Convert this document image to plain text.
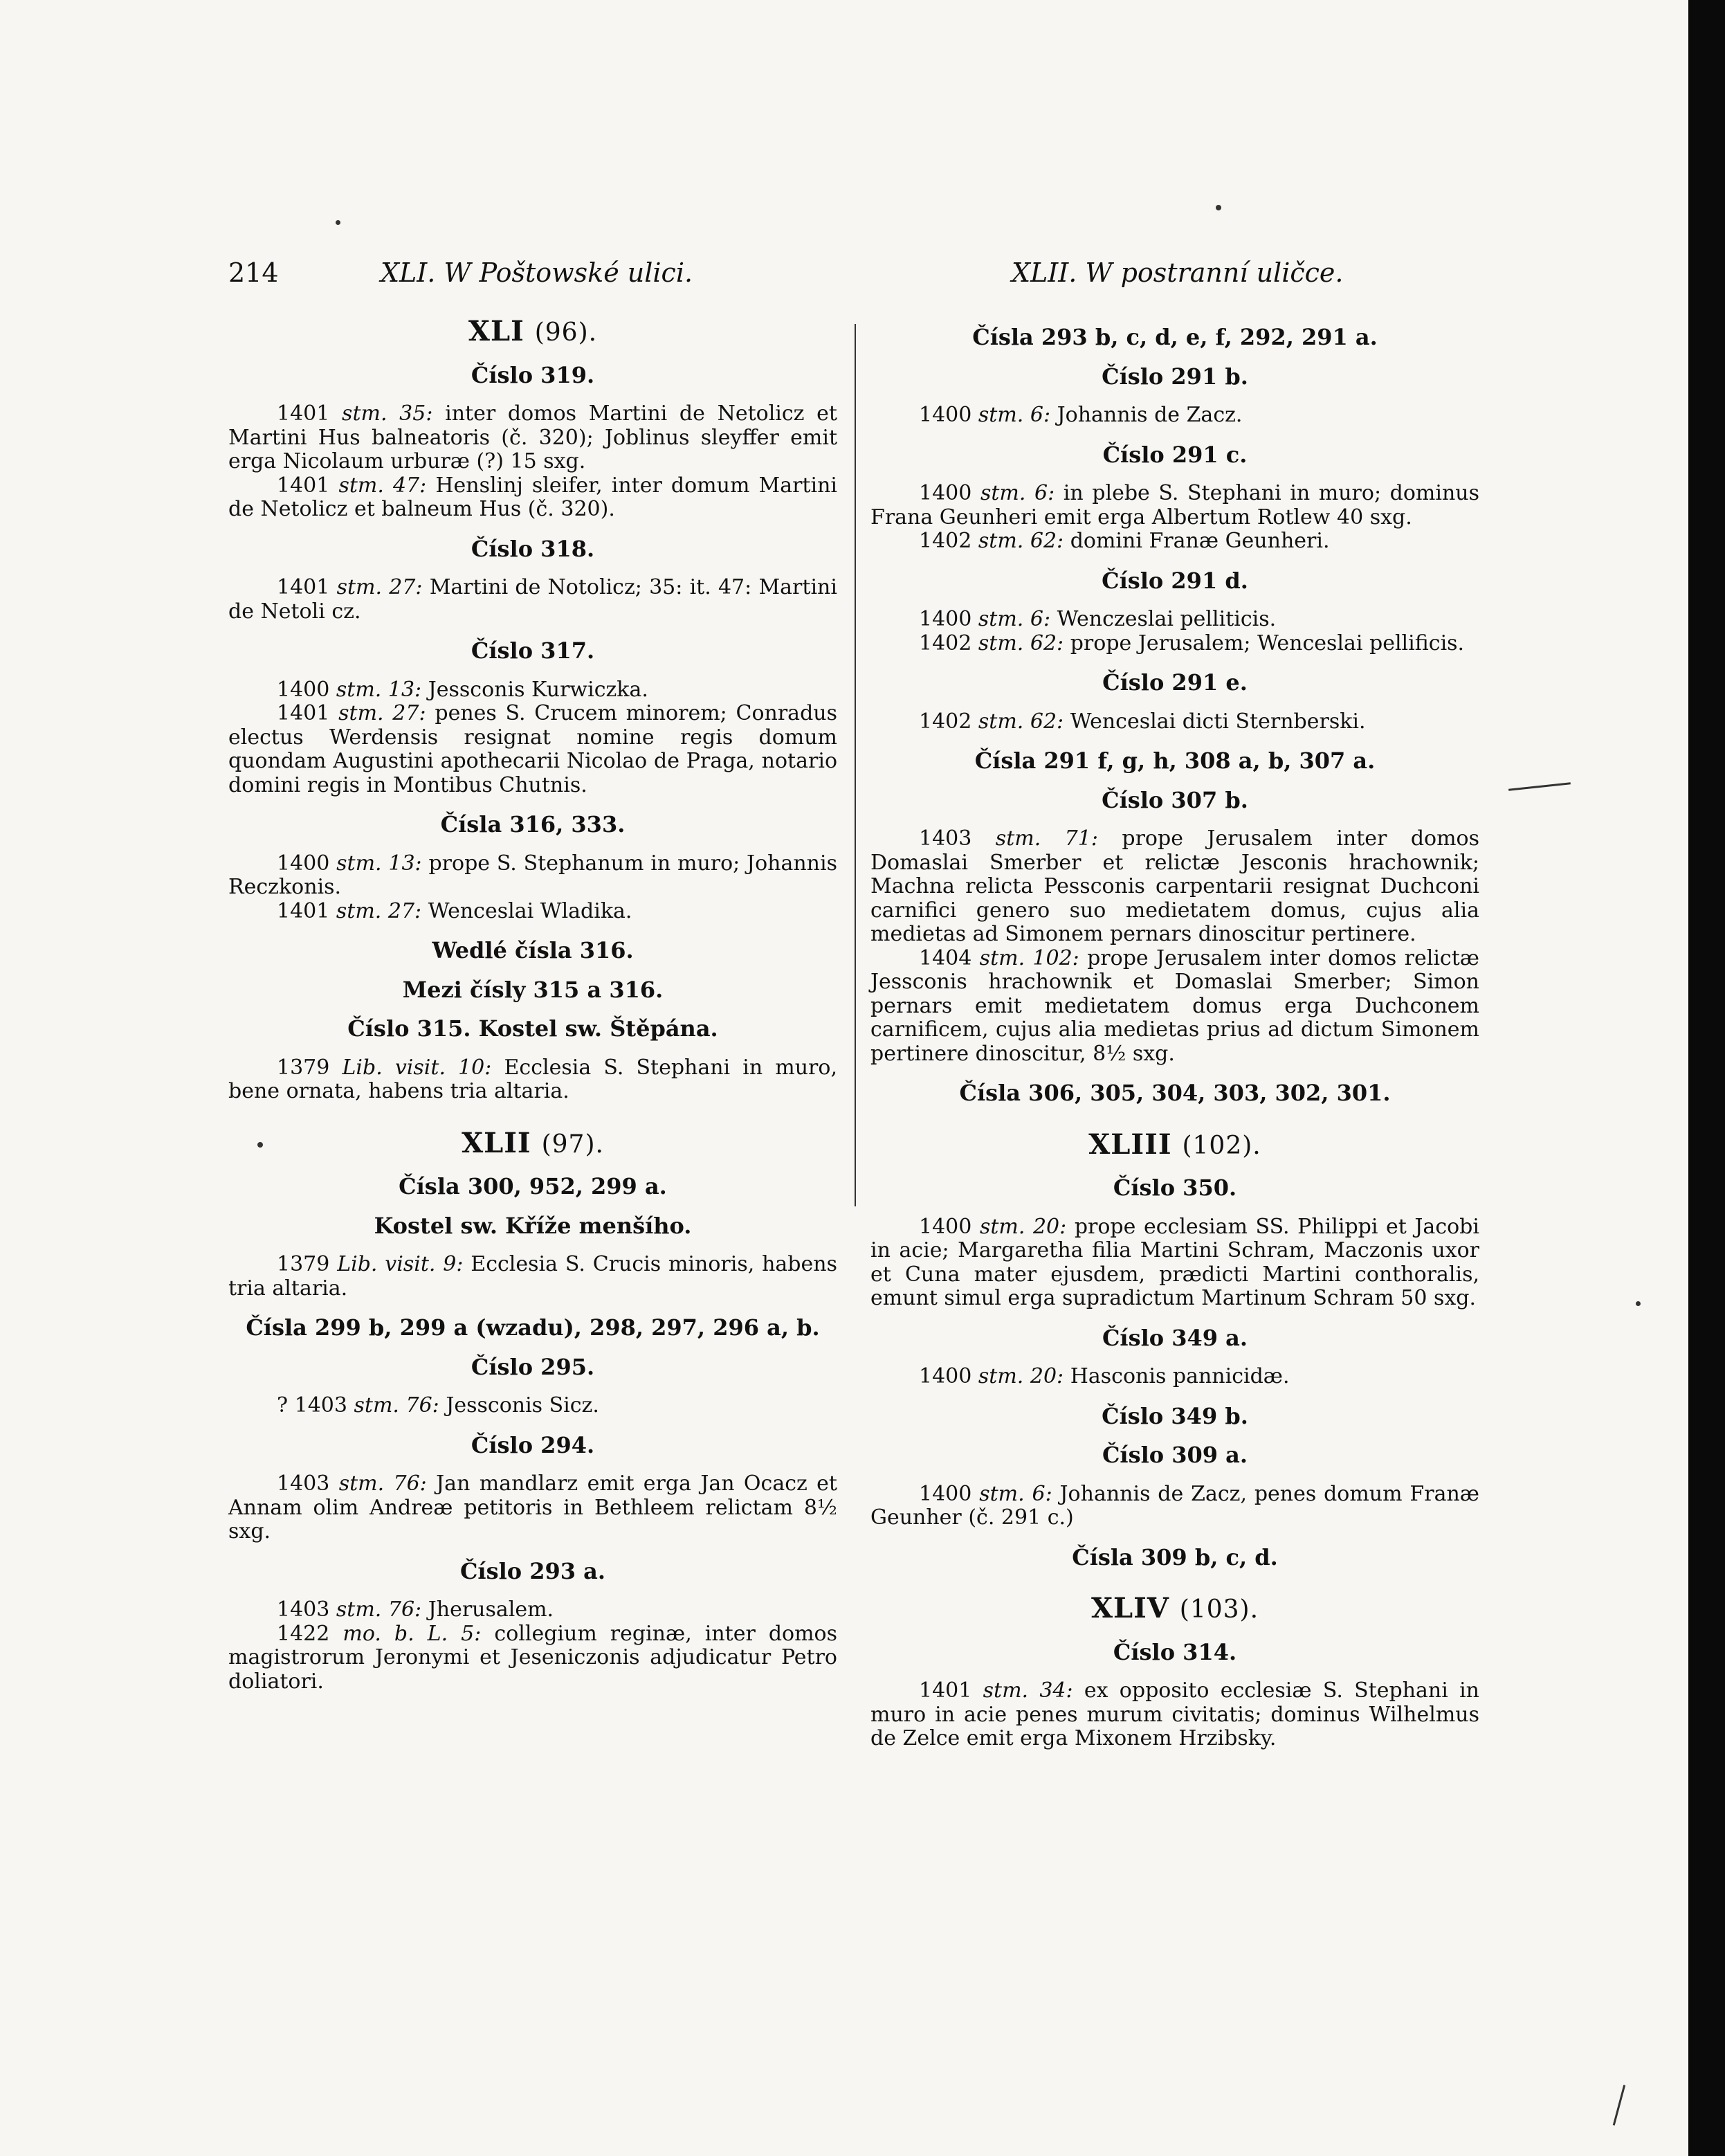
214	XLI. W Poštowské ulici.	XLII. W postranní uličce.
XLI (96).
Číslo 319.

1401 stm. 35: inter domos Martini de Netolicz et Martini Hus balneatoris (č. 320); Joblinus sleyffer emit erga Nicolaum urburæ (?) 15 sxg.

1401 stm. 47: Henslinj sleifer, inter domum Martini de Netolicz et balneum Hus (č. 320).

Číslo 318.

1401 stm. 27: Martini de Notolicz; 35: it. 47: Martini de Netoli cz.

Číslo 317.

1400 stm. 13: Jessconis Kurwiczka.

1401 stm. 27: penes S. Crucem minorem; Conradus electus Werdensis resignat nomine regis domum quondam Augustini apothecarii Nicolao de Praga, notario domini regis in Montibus Chutnis.

Čísla 316, 333.

1400 stm. 13: prope S. Stephanum in muro; Johannis Reczkonis.

1401 stm. 27: Wenceslai Wladika.

Wedlé čísla 316.
Mezi čísly 315 a 316.
Číslo 315. Kostel sw. Štěpána.

1379 Lib. visit. 10: Ecclesia S. Stephani in muro, bene ornata, habens tria altaria.

XLII (97).
Čísla 300, 952, 299 a.
Kostel sw. Kříže menšího.

1379 Lib. visit. 9: Ecclesia S. Crucis minoris, habens tria altaria.

Čísla 299 b, 299 a (wzadu), 298, 297, 296 a, b.
Číslo 295.

? 1403 stm. 76: Jessconis Sicz.

Číslo 294.

1403 stm. 76: Jan mandlarz emit erga Jan Ocacz et Annam olim Andreæ petitoris in Bethleem relictam 8½ sxg.

Číslo 293 a.

1403 stm. 76: Jherusalem.

1422 mo. b. L. 5: collegium reginæ, inter domos magistrorum Jeronymi et Jeseniczonis adjudicatur Petro doliatori.

Čísla 293 b, c, d, e, f, 292, 291 a.
Číslo 291 b.

1400 stm. 6: Johannis de Zacz.

Číslo 291 c.

1400 stm. 6: in plebe S. Stephani in muro; dominus Frana Geunheri emit erga Albertum Rotlew 40 sxg.

1402 stm. 62: domini Franæ Geunheri.

Číslo 291 d.

1400 stm. 6: Wenczeslai pelliticis.

1402 stm. 62: prope Jerusalem; Wenceslai pellificis.

Číslo 291 e.

1402 stm. 62: Wenceslai dicti Sternberski.

Čísla 291 f, g, h, 308 a, b, 307 a.
Číslo 307 b.

1403 stm. 71: prope Jerusalem inter domos Domaslai Smerber et relictæ Jesconis hrachownik; Machna relicta Pessconis carpentarii resignat Duchconi carnifici genero suo medietatem domus, cujus alia medietas ad Simonem pernars dinoscitur pertinere.

1404 stm. 102: prope Jerusalem inter domos relictæ Jessconis hrachownik et Domaslai Smerber; Simon pernars emit medietatem domus erga Duchconem carnificem, cujus alia medietas prius ad dictum Simonem pertinere dinoscitur, 8½ sxg.

Čísla 306, 305, 304, 303, 302, 301.
XLIII (102).
Číslo 350.

1400 stm. 20: prope ecclesiam SS. Philippi et Jacobi in acie; Margaretha filia Martini Schram, Maczonis uxor et Cuna mater ejusdem, prædicti Martini conthoralis, emunt simul erga supradictum Martinum Schram 50 sxg.

Číslo 349 a.

1400 stm. 20: Hasconis pannicidæ.

Číslo 349 b.
Číslo 309 a.

1400 stm. 6: Johannis de Zacz, penes domum Franæ Geunher (č. 291 c.)

Čísla 309 b, c, d.
XLIV (103).
Číslo 314.

1401 stm. 34: ex opposito ecclesiæ S. Stephani in muro in acie penes murum civitatis; dominus Wilhelmus de Zelce emit erga Mixonem Hrzibsky.
